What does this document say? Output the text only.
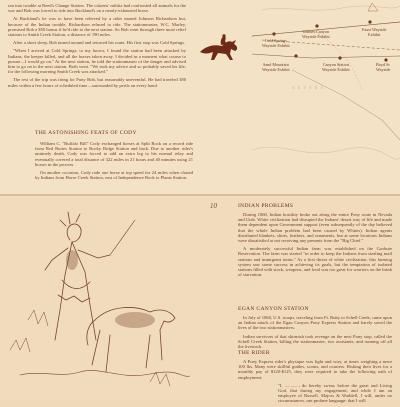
ran into trouble at Reed's Change Station. The citizens' militia had confronted all animals for the war and Bob was forced to ride into Buckland's on a nearly-exhausted horse.

At Buckland's he was to have been relieved by a rider named Johnson Richardson but, because of the Indian trouble, Richardson refused to ride. The stationmaster, W.C. Marley, promised Bob a $50 bonus if he'd ride to the next station. So Bob went through three more relief stations to Smith Creek Station, a distance of 190 miles.

After a short sleep, Bob turned around and retraced his route. His first stop was Cold Springs.

"When I arrived at Cold Springs, to my horror, I found the station had been attacked by Indians, the keeper killed, and all the horses taken away. I decided in a moment what course to pursue—I would go on." At the next station, he told the stationmaster of the danger and advised him to go on to the next station. Both went. "We took my advice and so probably saved his life, for the following morning Smith Creek was attacked."

The rest of the trip was tiring for Pony Bob, but reasonably uneventful. He had traveled 380 miles within a few hours of scheduled time—surrounded by perils on every hand.

Cold Springs
Wayside Exhibit
Grimes Canyon
Wayside Exhibit
Faust Wayside
Exhibit
Sand Mountain
Wayside Exhibit
Canyon Station
Wayside Exhibit
Boyd St
Wayside
N E V A D A
THE ASTONISHING FEATS OF CODY

William C. "Buffalo Bill" Cody exchanged horses at Split Rock on a record ride from Red Buttes Station to Rocky Ridge Station and back. Due to another rider's untimely death, Cody was forced to add an extra leg to his normal relay and eventually covered a total distance of 322 miles in 21 hours and 40 minutes using 21 horses in the process.

On another occasion, Cody rode one horse at top speed for 24 miles when chased by Indians from Horse Creek Station, east of Independence Rock to Plants Station.

10	INDIAN PROBLEMS

During 1860, Indian hostility broke out along the entire Pony route in Nevada and Utah. White civilization had disrupted the Indians' desert way of life and made them dependent upon Government support (even subsequently of the day believed that the whole Indian problem had been caused by Whites). Indian agents distributed blankets, shirts, feathers, and ornaments, but at some locations Indians were dissatisfied at not receiving any presents from the "Big Chief."

A moderately successful Indian farm was established on the Goshute Reservation. The farm was started "in order to keep the Indians from stealing mail stations and immigrant trains." As a first threat of white civilization, this farming system saw some success in achieving its goals, but the temptation of isolated stations filled with stock, weapons, and food was too great for warriors on the brink of starvation.

EGAN CANYON STATION

In July of 1860, U.S. troops, traveling from Ft. Ruby to Schell Creek, came upon an Indian attack of the Egan Canyon Pony Express Station and barely saved the lives of the two stationmasters.

Indian survivors of that skirmish took revenge on the next Pony stop, called the Schell Creek Station, killing the stationmaster, two assistants, and running off all the livestock.

THE RIDER

A Pony Express rider's physique was light and wiry, at times weighing a mere 100 lbs. Many were skillful guides, scouts, and couriers. Risking their lives for a monthly pay of $120-$125, they were required to take the following oath of employment:

"I, ............, do hereby swear, before the great and Living God, that during my engagement, and while I am an employee of Russell, Majors & Waddell, I will, under no circumstances, use profane language; that I will
